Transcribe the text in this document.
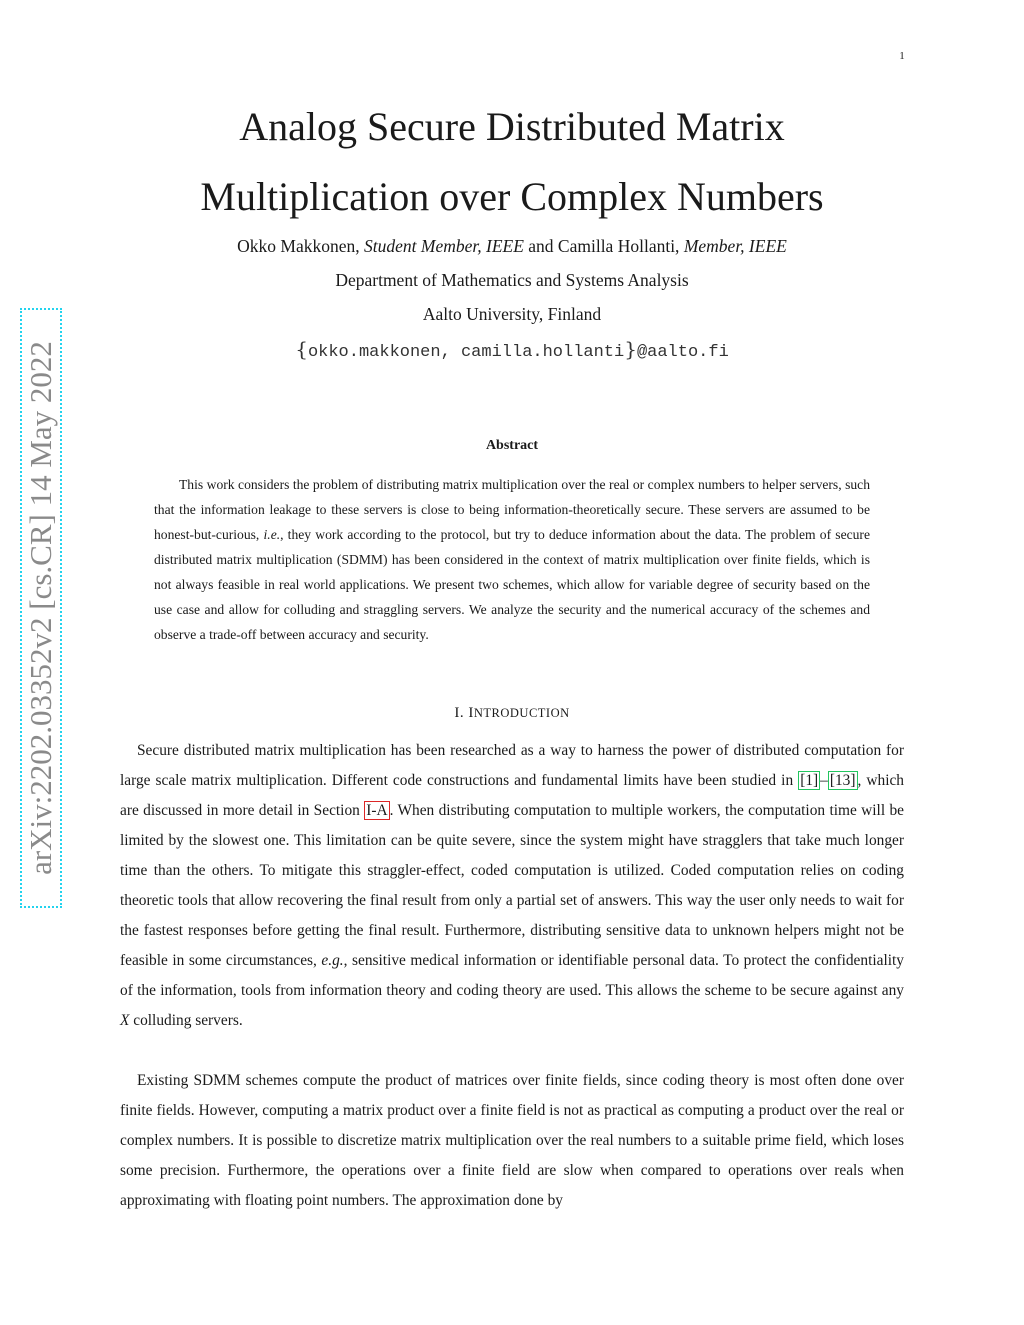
1
arXiv:2202.03352v2 [cs.CR] 14 May 2022
Analog Secure Distributed Matrix
Multiplication over Complex Numbers
Okko Makkonen, Student Member, IEEE and Camilla Hollanti, Member, IEEE
Department of Mathematics and Systems Analysis
Aalto University, Finland
{okko.makkonen, camilla.hollanti}@aalto.fi
Abstract

This work considers the problem of distributing matrix multiplication over the real or complex numbers to helper servers, such that the information leakage to these servers is close to being information-theoretically secure. These servers are assumed to be honest-but-curious, i.e., they work according to the protocol, but try to deduce information about the data. The problem of secure distributed matrix multiplication (SDMM) has been considered in the context of matrix multiplication over finite fields, which is not always feasible in real world applications. We present two schemes, which allow for variable degree of security based on the use case and allow for colluding and straggling servers. We analyze the security and the numerical accuracy of the schemes and observe a trade-off between accuracy and security.

I. INTRODUCTION

Secure distributed matrix multiplication has been researched as a way to harness the power of distributed computation for large scale matrix multiplication. Different code constructions and fundamental limits have been studied in [1] – [13] , which are discussed in more detail in Section I-A . When distributing computation to multiple workers, the computation time will be limited by the slowest one. This limitation can be quite severe, since the system might have stragglers that take much longer time than the others. To mitigate this straggler-effect, coded computation is utilized. Coded computation relies on coding theoretic tools that allow recovering the final result from only a partial set of answers. This way the user only needs to wait for the fastest responses before getting the final result. Furthermore, distributing sensitive data to unknown helpers might not be feasible in some circumstances, e.g., sensitive medical information or identifiable personal data. To protect the confidentiality of the information, tools from information theory and coding theory are used. This allows the scheme to be secure against any X colluding servers.

Existing SDMM schemes compute the product of matrices over finite fields, since coding theory is most often done over finite fields. However, computing a matrix product over a finite field is not as practical as computing a product over the real or complex numbers. It is possible to discretize matrix multiplication over the real numbers to a suitable prime field, which loses some precision. Furthermore, the operations over a finite field are slow when compared to operations over reals when approximating with floating point numbers. The approximation done by
